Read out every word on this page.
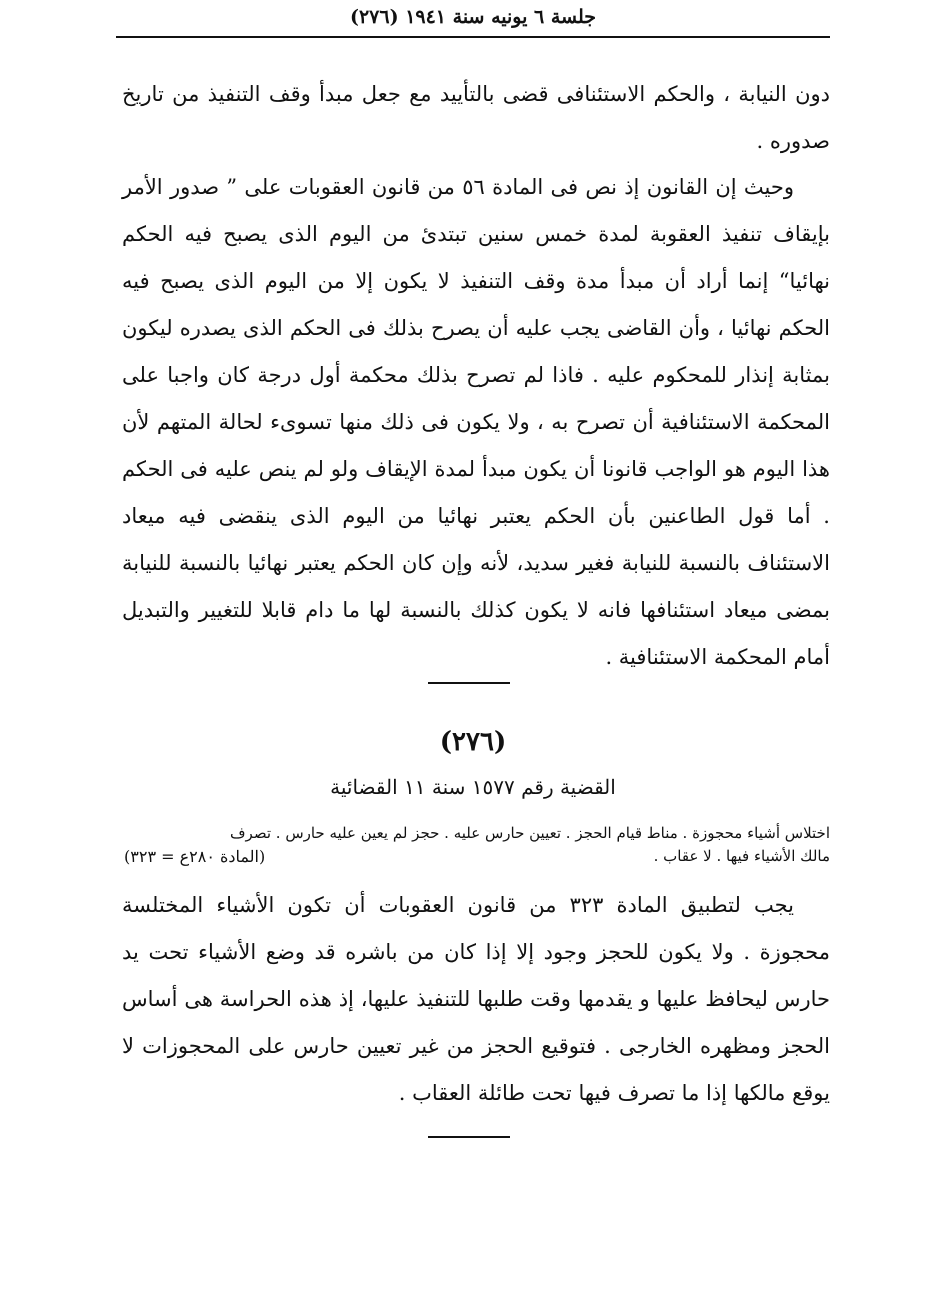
جلسة ٦ يونيه سنة ١٩٤١ (٢٧٦)

دون النيابة ، والحكم الاستئنافى قضى بالتأييد مع جعل مبدأ وقف التنفيذ من تاريخ صدوره .

وحيث إن القانون إذ نص فى المادة ٥٦ من قانون العقوبات على ” صدور الأمر بإيقاف تنفيذ العقوبة لمدة خمس سنين تبتدئ من اليوم الذى يصبح فيه الحكم نهائيا“ إنما أراد أن مبدأ مدة وقف التنفيذ لا يكون إلا من اليوم الذى يصبح فيه الحكم نهائيا ، وأن القاضى يجب عليه أن يصرح بذلك فى الحكم الذى يصدره ليكون بمثابة إنذار للمحكوم عليه . فاذا لم تصرح بذلك محكمة أول درجة كان واجبا على المحكمة الاستئنافية أن تصرح به ، ولا يكون فى ذلك منها تسوىء لحالة المتهم لأن هذا اليوم هو الواجب قانونا أن يكون مبدأ لمدة الإيقاف ولو لم ينص عليه فى الحكم . أما قول الطاعنين بأن الحكم يعتبر نهائيا من اليوم الذى ينقضى فيه ميعاد الاستئناف بالنسبة للنيابة فغير سديد، لأنه وإن كان الحكم يعتبر نهائيا بالنسبة للنيابة بمضى ميعاد استئنافها فانه لا يكون كذلك بالنسبة لها ما دام قابلا للتغيير والتبديل أمام المحكمة الاستئنافية .

(٢٧٦)
القضية رقم ١٥٧٧ سنة ١١ القضائية
اختلاس أشياء محجوزة . مناط قيام الحجز . تعيين حارس عليه . حجز لم يعين عليه حارس . تصرف
مالك الأشياء فيها . لا عقاب .
(المادة ٢٨٠ع = ٣٢٣)

يجب لتطبيق المادة ٣٢٣ من قانون العقوبات أن تكون الأشياء المختلسة محجوزة . ولا يكون للحجز وجود إلا إذا كان من باشره قد وضع الأشياء تحت يد حارس ليحافظ عليها و يقدمها وقت طلبها للتنفيذ عليها، إذ هذه الحراسة هى أساس الحجز ومظهره الخارجى . فتوقيع الحجز من غير تعيين حارس على المحجوزات لا يوقع مالكها إذا ما تصرف فيها تحت طائلة العقاب .
